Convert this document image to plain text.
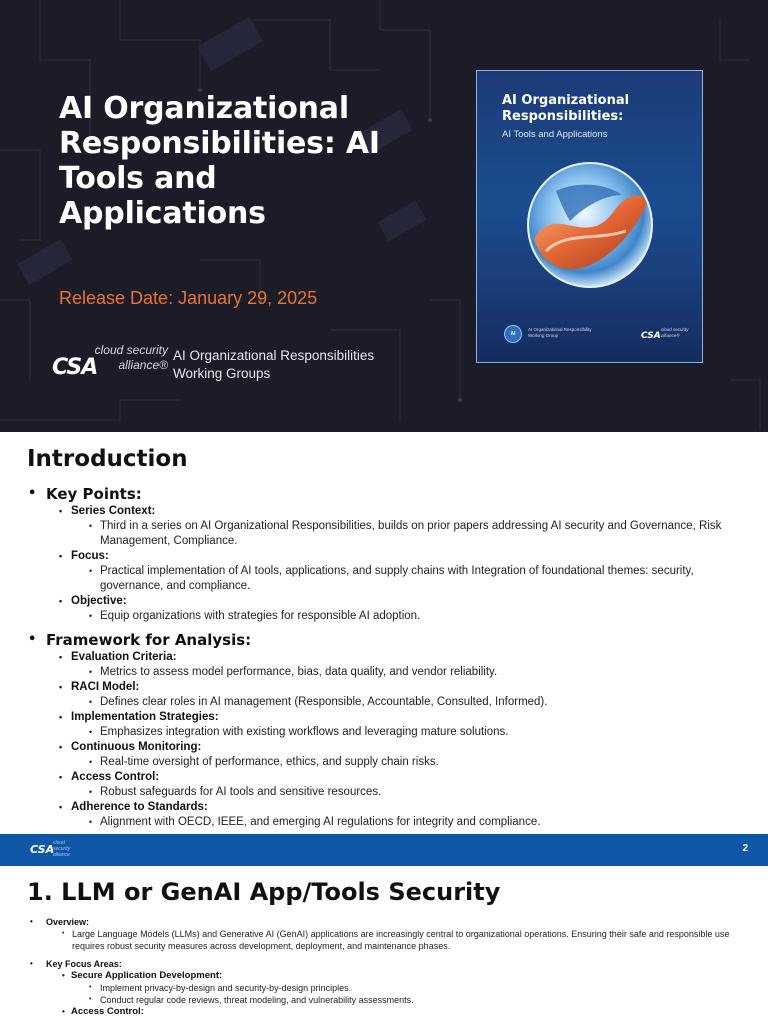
AI Organizational Responsibilities: AI Tools and Applications
Release Date: January 29, 2025
CSA
cloud security alliance®
AI Organizational Responsibilities Working Groups
AI Organizational Responsibilities:
AI Tools and Applications
AI
AI Organizational Responsibility Working Group	CSA
cloud security alliance®
Introduction
• Key Points:
• Series Context:
• Third in a series on AI Organizational Responsibilities, builds on prior papers addressing AI security and Governance, Risk Management, Compliance.
• Focus:
• Practical implementation of AI tools, applications, and supply chains with Integration of foundational themes: security, governance, and compliance.
• Objective:
• Equip organizations with strategies for responsible AI adoption.
• Framework for Analysis:
• Evaluation Criteria:
• Metrics to assess model performance, bias, data quality, and vendor reliability.
• RACI Model:
• Defines clear roles in AI management (Responsible, Accountable, Consulted, Informed).
• Implementation Strategies:
• Emphasizes integration with existing workflows and leveraging mature solutions.
• Continuous Monitoring:
• Real-time oversight of performance, ethics, and supply chain risks.
• Access Control:
• Robust safeguards for AI tools and sensitive resources.
• Adherence to Standards:
• Alignment with OECD, IEEE, and emerging AI regulations for integrity and compliance.
CSA
cloud security alliance
2
1. LLM or GenAI App/Tools Security
• Overview:
• Large Language Models (LLMs) and Generative AI (GenAI) applications are increasingly central to organizational operations. Ensuring their safe and responsible use requires robust security measures across development, deployment, and maintenance phases.
• Key Focus Areas:
• Secure Application Development:
• Implement privacy-by-design and security-by-design principles.
• Conduct regular code reviews, threat modeling, and vulnerability assessments.
• Access Control:
